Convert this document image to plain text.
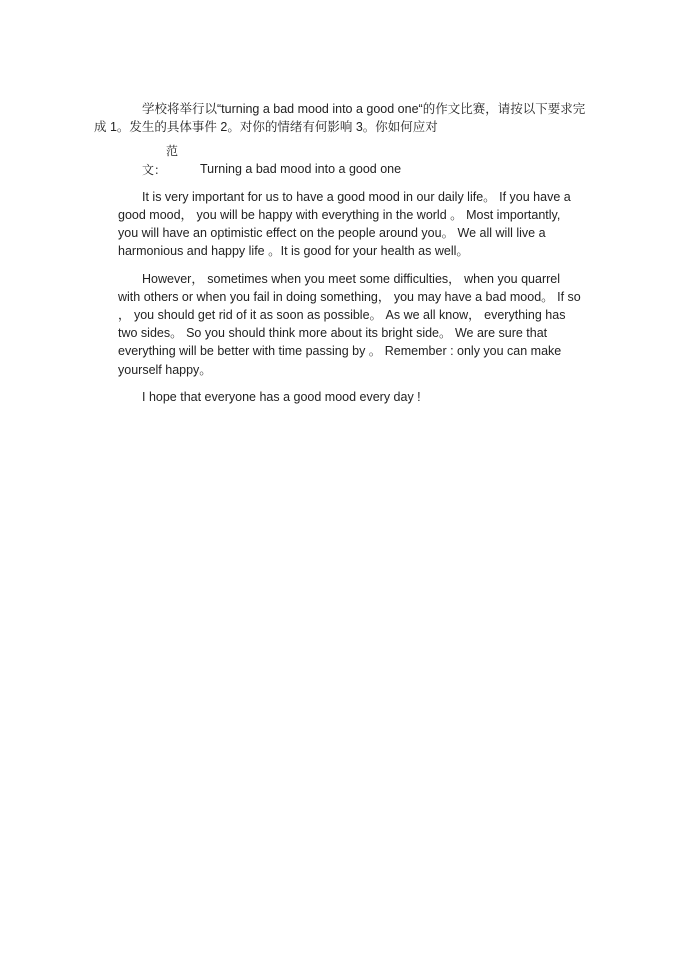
学校将举行以“turning a bad mood into a good one“的作文比赛，请按以下要求完
成 1。发生的具体事件 2。对你的情绪有何影响 3。你如何应对

范文：	Turning a bad mood into a good one

It is very important for us to have a good mood in our daily life。 If you have a
good mood， you will be happy with everything in the world 。 Most importantly,
you will have an optimistic effect on the people around you。 We all will live a
harmonious and happy life 。It is good for your health as well。

However， sometimes when you meet some difficulties， when you quarrel
with others or when you fail in doing something， you may have a bad mood。 If so
， you should get rid of it as soon as possible。 As we all know， everything has
two sides。 So you should think more about its bright side。 We are sure that
everything will be better with time passing by 。 Remember : only you can make
yourself happy。

I hope that everyone has a good mood every day !
